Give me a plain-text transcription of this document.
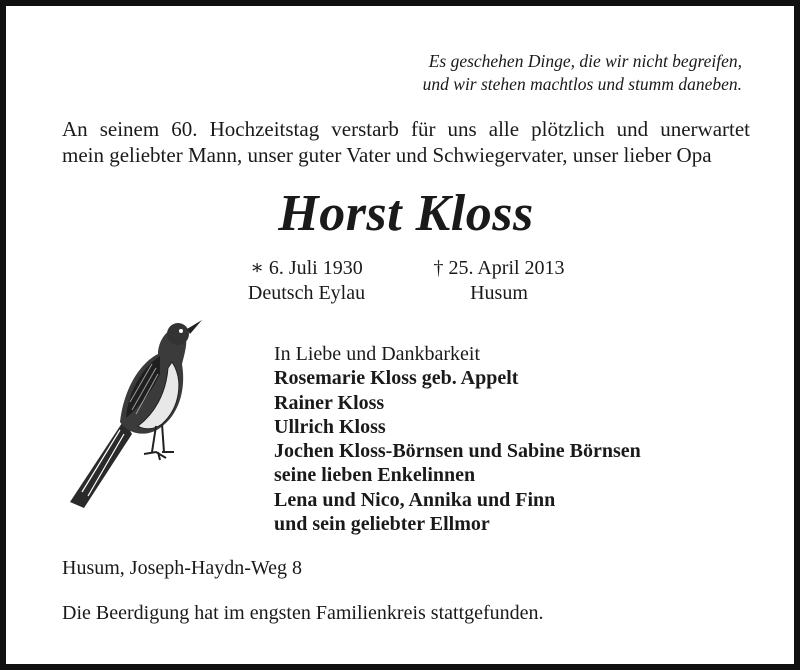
Es geschehen Dinge, die wir nicht begreifen,
und wir stehen machtlos und stumm daneben.
An seinem 60. Hochzeitstag verstarb für uns alle plötzlich und unerwartet
mein geliebter Mann, unser guter Vater und Schwiegervater, unser lieber Opa
Horst Kloss
∗ 6. Juli 1930
Deutsch Eylau
† 25. April 2013
Husum
In Liebe und Dankbarkeit
Rosemarie Kloss geb. Appelt
Rainer Kloss
Ullrich Kloss
Jochen Kloss-Börnsen und Sabine Börnsen
seine lieben Enkelinnen
Lena und Nico, Annika und Finn
und sein geliebter Ellmor
Husum, Joseph-Haydn-Weg 8
Die Beerdigung hat im engsten Familienkreis stattgefunden.
